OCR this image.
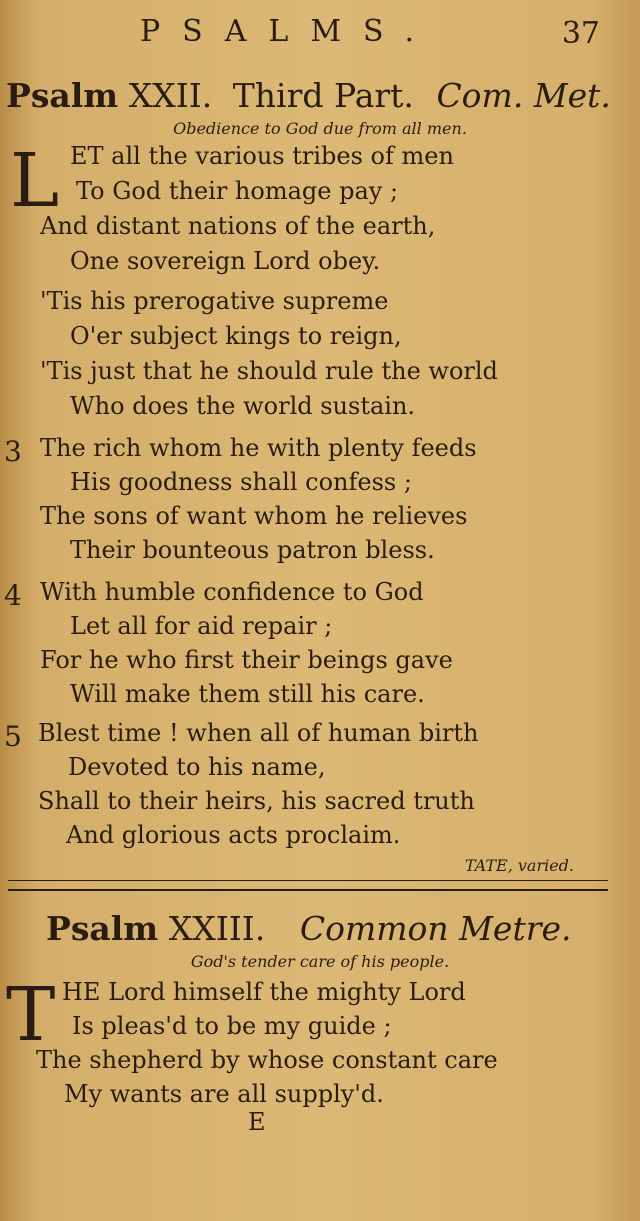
PSALMS.	37
Psalm XXII. Third Part. Com. Met.
Obedience to God due from all men.
L ET all the various tribes of men
To God their homage pay ;
And distant nations of the earth,
One sovereign Lord obey.
'Tis his prerogative supreme
O'er subject kings to reign,
'Tis just that he should rule the world
Who does the world sustain.
3 The rich whom he with plenty feeds
His goodness shall confess ;
The sons of want whom he relieves
Their bounteous patron bless.
4 With humble confidence to God
Let all for aid repair ;
For he who first their beings gave
Will make them still his care.
5 Blest time ! when all of human birth
Devoted to his name,
Shall to their heirs, his sacred truth
And glorious acts proclaim.
TATE, varied.
Psalm XXIII. Common Metre.
God's tender care of his people.
T HE Lord himself the mighty Lord
Is pleas'd to be my guide ;
The shepherd by whose constant care
My wants are all supply'd.
E
